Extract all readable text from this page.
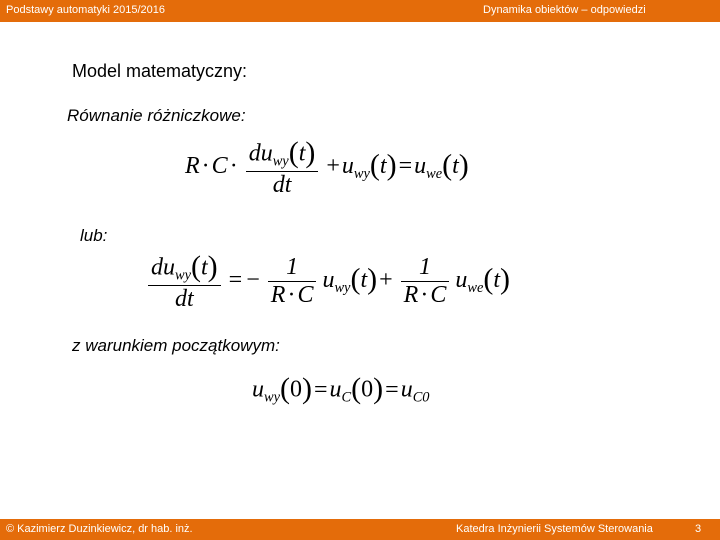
Podstawy automatyki 2015/2016	Dynamika obiektów – odpowiedzi
Model matematyczny:
Równanie różniczkowe:
$R\cdot C\cdot \frac{du_{wy}(t)}{dt} +u_{wy}(t)=u_{we}(t)$
lub:
$\frac{du_{wy}(t)}{dt}$ = − $\frac{1}{R\cdot C} u_{wy}(t)+ \frac{1}{R\cdot C} u_{we}(t)$
z warunkiem początkowym:
$u_{wy}(0)=u_C(0)=u_{C0}$
© Kazimierz Duzinkiewicz, dr hab. inż.	Katedra Inżynierii Systemów Sterowania	3
